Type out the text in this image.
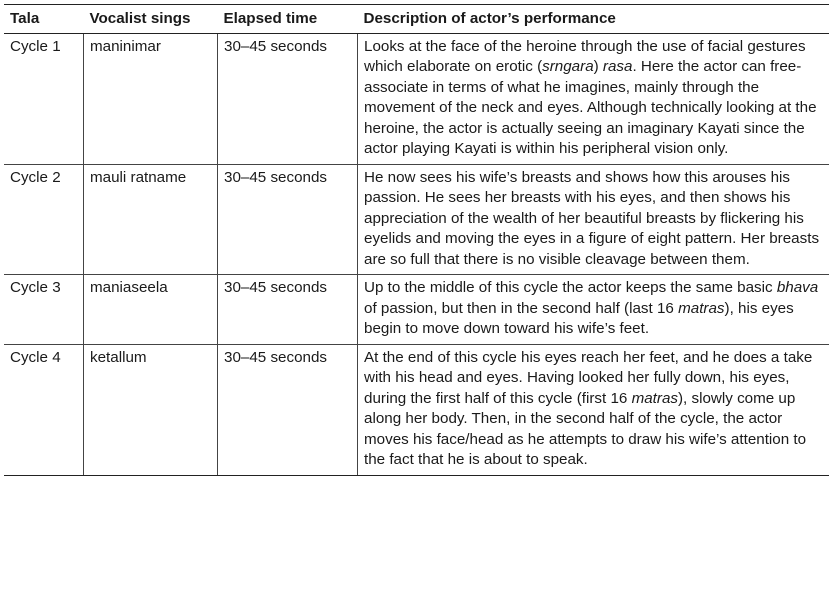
Tala	Vocalist sings	Elapsed time	Description of actor’s performance
Cycle 1	maninimar	30–45 seconds	Looks at the face of the heroine through the use of facial gestures which elaborate on erotic (srngara) rasa. Here the actor can free-associate in terms of what he imagines, mainly through the movement of the neck and eyes. Although technically looking at the heroine, the actor is actually seeing an imaginary Kayati since the actor playing Kayati is within his peripheral vision only.
Cycle 2	mauli ratname	30–45 seconds	He now sees his wife’s breasts and shows how this arouses his passion. He sees her breasts with his eyes, and then shows his appreciation of the wealth of her beautiful breasts by flickering his eyelids and moving the eyes in a figure of eight pattern. Her breasts are so full that there is no visible cleavage between them.
Cycle 3	maniaseela	30–45 seconds	Up to the middle of this cycle the actor keeps the same basic bhava of passion, but then in the second half (last 16 matras), his eyes begin to move down toward his wife’s feet.
Cycle 4	ketallum	30–45 seconds	At the end of this cycle his eyes reach her feet, and he does a take with his head and eyes. Having looked her fully down, his eyes, during the first half of this cycle (first 16 matras), slowly come up along her body. Then, in the second half of the cycle, the actor moves his face/head as he attempts to draw his wife’s attention to the fact that he is about to speak.
